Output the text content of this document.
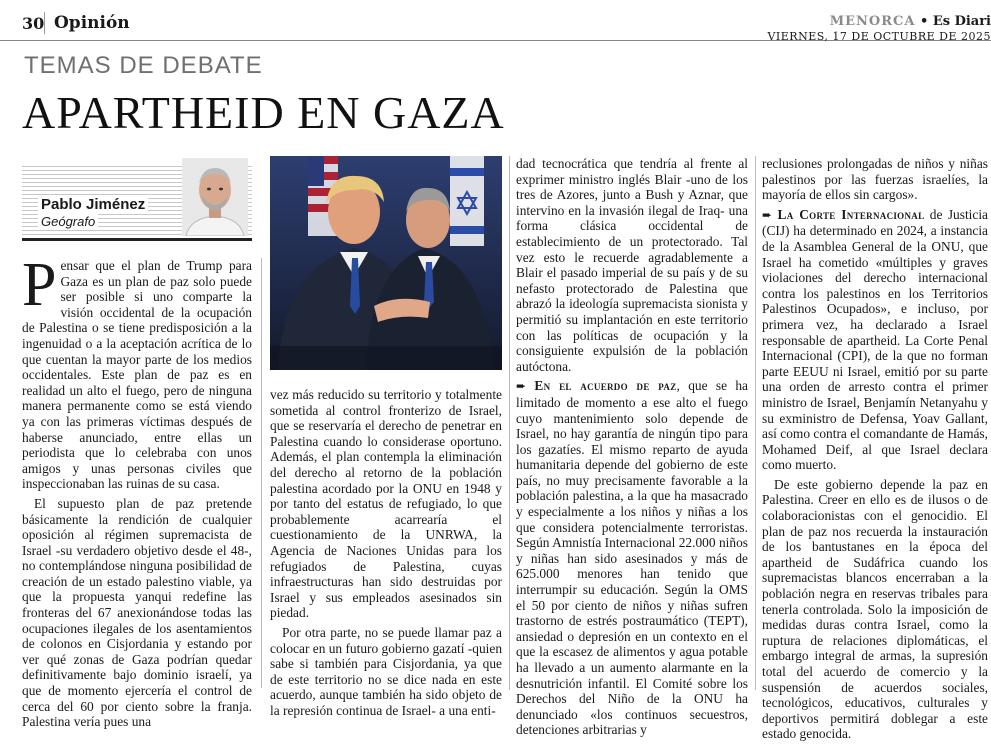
30 Opinión	MENORCA • Es Diari
VIERNES, 17 DE OCTUBRE DE 2025
TEMAS DE DEBATE
APARTHEID EN GAZA
Pablo Jiménez
Geógrafo

Pensar que el plan de Trump para Gaza es un plan de paz solo puede ser posible si uno comparte la visión occidental de la ocupación de Palestina o se tiene predisposición a la ingenuidad o a la aceptación acrítica de lo que cuentan la mayor parte de los medios occidentales. Este plan de paz es en realidad un alto el fuego, pero de ninguna manera permanente como se está viendo ya con las primeras víctimas después de haberse anunciado, entre ellas un periodista que lo celebraba con unos amigos y unas personas civiles que inspeccionaban las ruinas de su casa.

El supuesto plan de paz pretende básicamente la rendición de cualquier oposición al régimen supremacista de Israel -su verdadero objetivo desde el 48-, no contemplándose ninguna posibilidad de creación de un estado palestino viable, ya que la propuesta yanqui redefine las fronteras del 67 anexionándose todas las ocupaciones ilegales de los asentamientos de colonos en Cisjordania y estando por ver qué zonas de Gaza podrían quedar definitivamente bajo dominio israelí, ya que de momento ejercería el control de cerca del 60 por ciento sobre la franja. Palestina vería pues una

vez más reducido su territorio y totalmente sometida al control fronterizo de Israel, que se reservaría el derecho de penetrar en Palestina cuando lo considerase oportuno. Además, el plan contempla la eliminación del derecho al retorno de la población palestina acordado por la ONU en 1948 y por tanto del estatus de refugiado, lo que probablemente acarrearía el cuestionamiento de la UNRWA, la Agencia de Naciones Unidas para los refugiados de Palestina, cuyas infraestructuras han sido destruidas por Israel y sus empleados asesinados sin piedad.

Por otra parte, no se puede llamar paz a colocar en un futuro gobierno gazatí -quien sabe si también para Cisjordania, ya que de este territorio no se dice nada en este acuerdo, aunque también ha sido objeto de la represión continua de Israel- a una enti-

dad tecnocrática que tendría al frente al exprimer ministro inglés Blair -uno de los tres de Azores, junto a Bush y Aznar, que intervino en la invasión ilegal de Iraq- una forma clásica occidental de establecimiento de un protectorado. Tal vez esto le recuerde agradablemente a Blair el pasado imperial de su país y de su nefasto protectorado de Palestina que abrazó la ideología supremacista sionista y permitió su implantación en este territorio con las políticas de ocupación y la consiguiente expulsión de la población autóctona.

➨ En el acuerdo de paz, que se ha limitado de momento a ese alto el fuego cuyo mantenimiento solo depende de Israel, no hay garantía de ningún tipo para los gazatíes. El mismo reparto de ayuda humanitaria depende del gobierno de este país, no muy precisamente favorable a la población palestina, a la que ha masacrado y especialmente a los niños y niñas a los que considera potencialmente terroristas. Según Amnistía Internacional 22.000 niños y niñas han sido asesinados y más de 625.000 menores han tenido que interrumpir su educación. Según la OMS el 50 por ciento de niños y niñas sufren trastorno de estrés postraumático (TEPT), ansiedad o depresión en un contexto en el que la escasez de alimentos y agua potable ha llevado a un aumento alarmante en la desnutrición infantil. El Comité sobre los Derechos del Niño de la ONU ha denunciado «los continuos secuestros, detenciones arbitrarias y

reclusiones prolongadas de niños y niñas palestinos por las fuerzas israelíes, la mayoría de ellos sin cargos».

➨ La Corte Internacional de Justicia (CIJ) ha determinado en 2024, a instancia de la Asamblea General de la ONU, que Israel ha cometido «múltiples y graves violaciones del derecho internacional contra los palestinos en los Territorios Palestinos Ocupados», e incluso, por primera vez, ha declarado a Israel responsable de apartheid. La Corte Penal Internacional (CPI), de la que no forman parte EEUU ni Israel, emitió por su parte una orden de arresto contra el primer ministro de Israel, Benjamín Netanyahu y su exministro de Defensa, Yoav Gallant, así como contra el comandante de Hamás, Mohamed Deif, al que Israel declara como muerto.

De este gobierno depende la paz en Palestina. Creer en ello es de ilusos o de colaboracionistas con el genocidio. El plan de paz nos recuerda la instauración de los bantustanes en la época del apartheid de Sudáfrica cuando los supremacistas blancos encerraban a la población negra en reservas tribales para tenerla controlada. Solo la imposición de medidas duras contra Israel, como la ruptura de relaciones diplomáticas, el embargo integral de armas, la supresión total del acuerdo de comercio y la suspensión de acuerdos sociales, tecnológicos, educativos, culturales y deportivos permitirá doblegar a este estado genocida.
